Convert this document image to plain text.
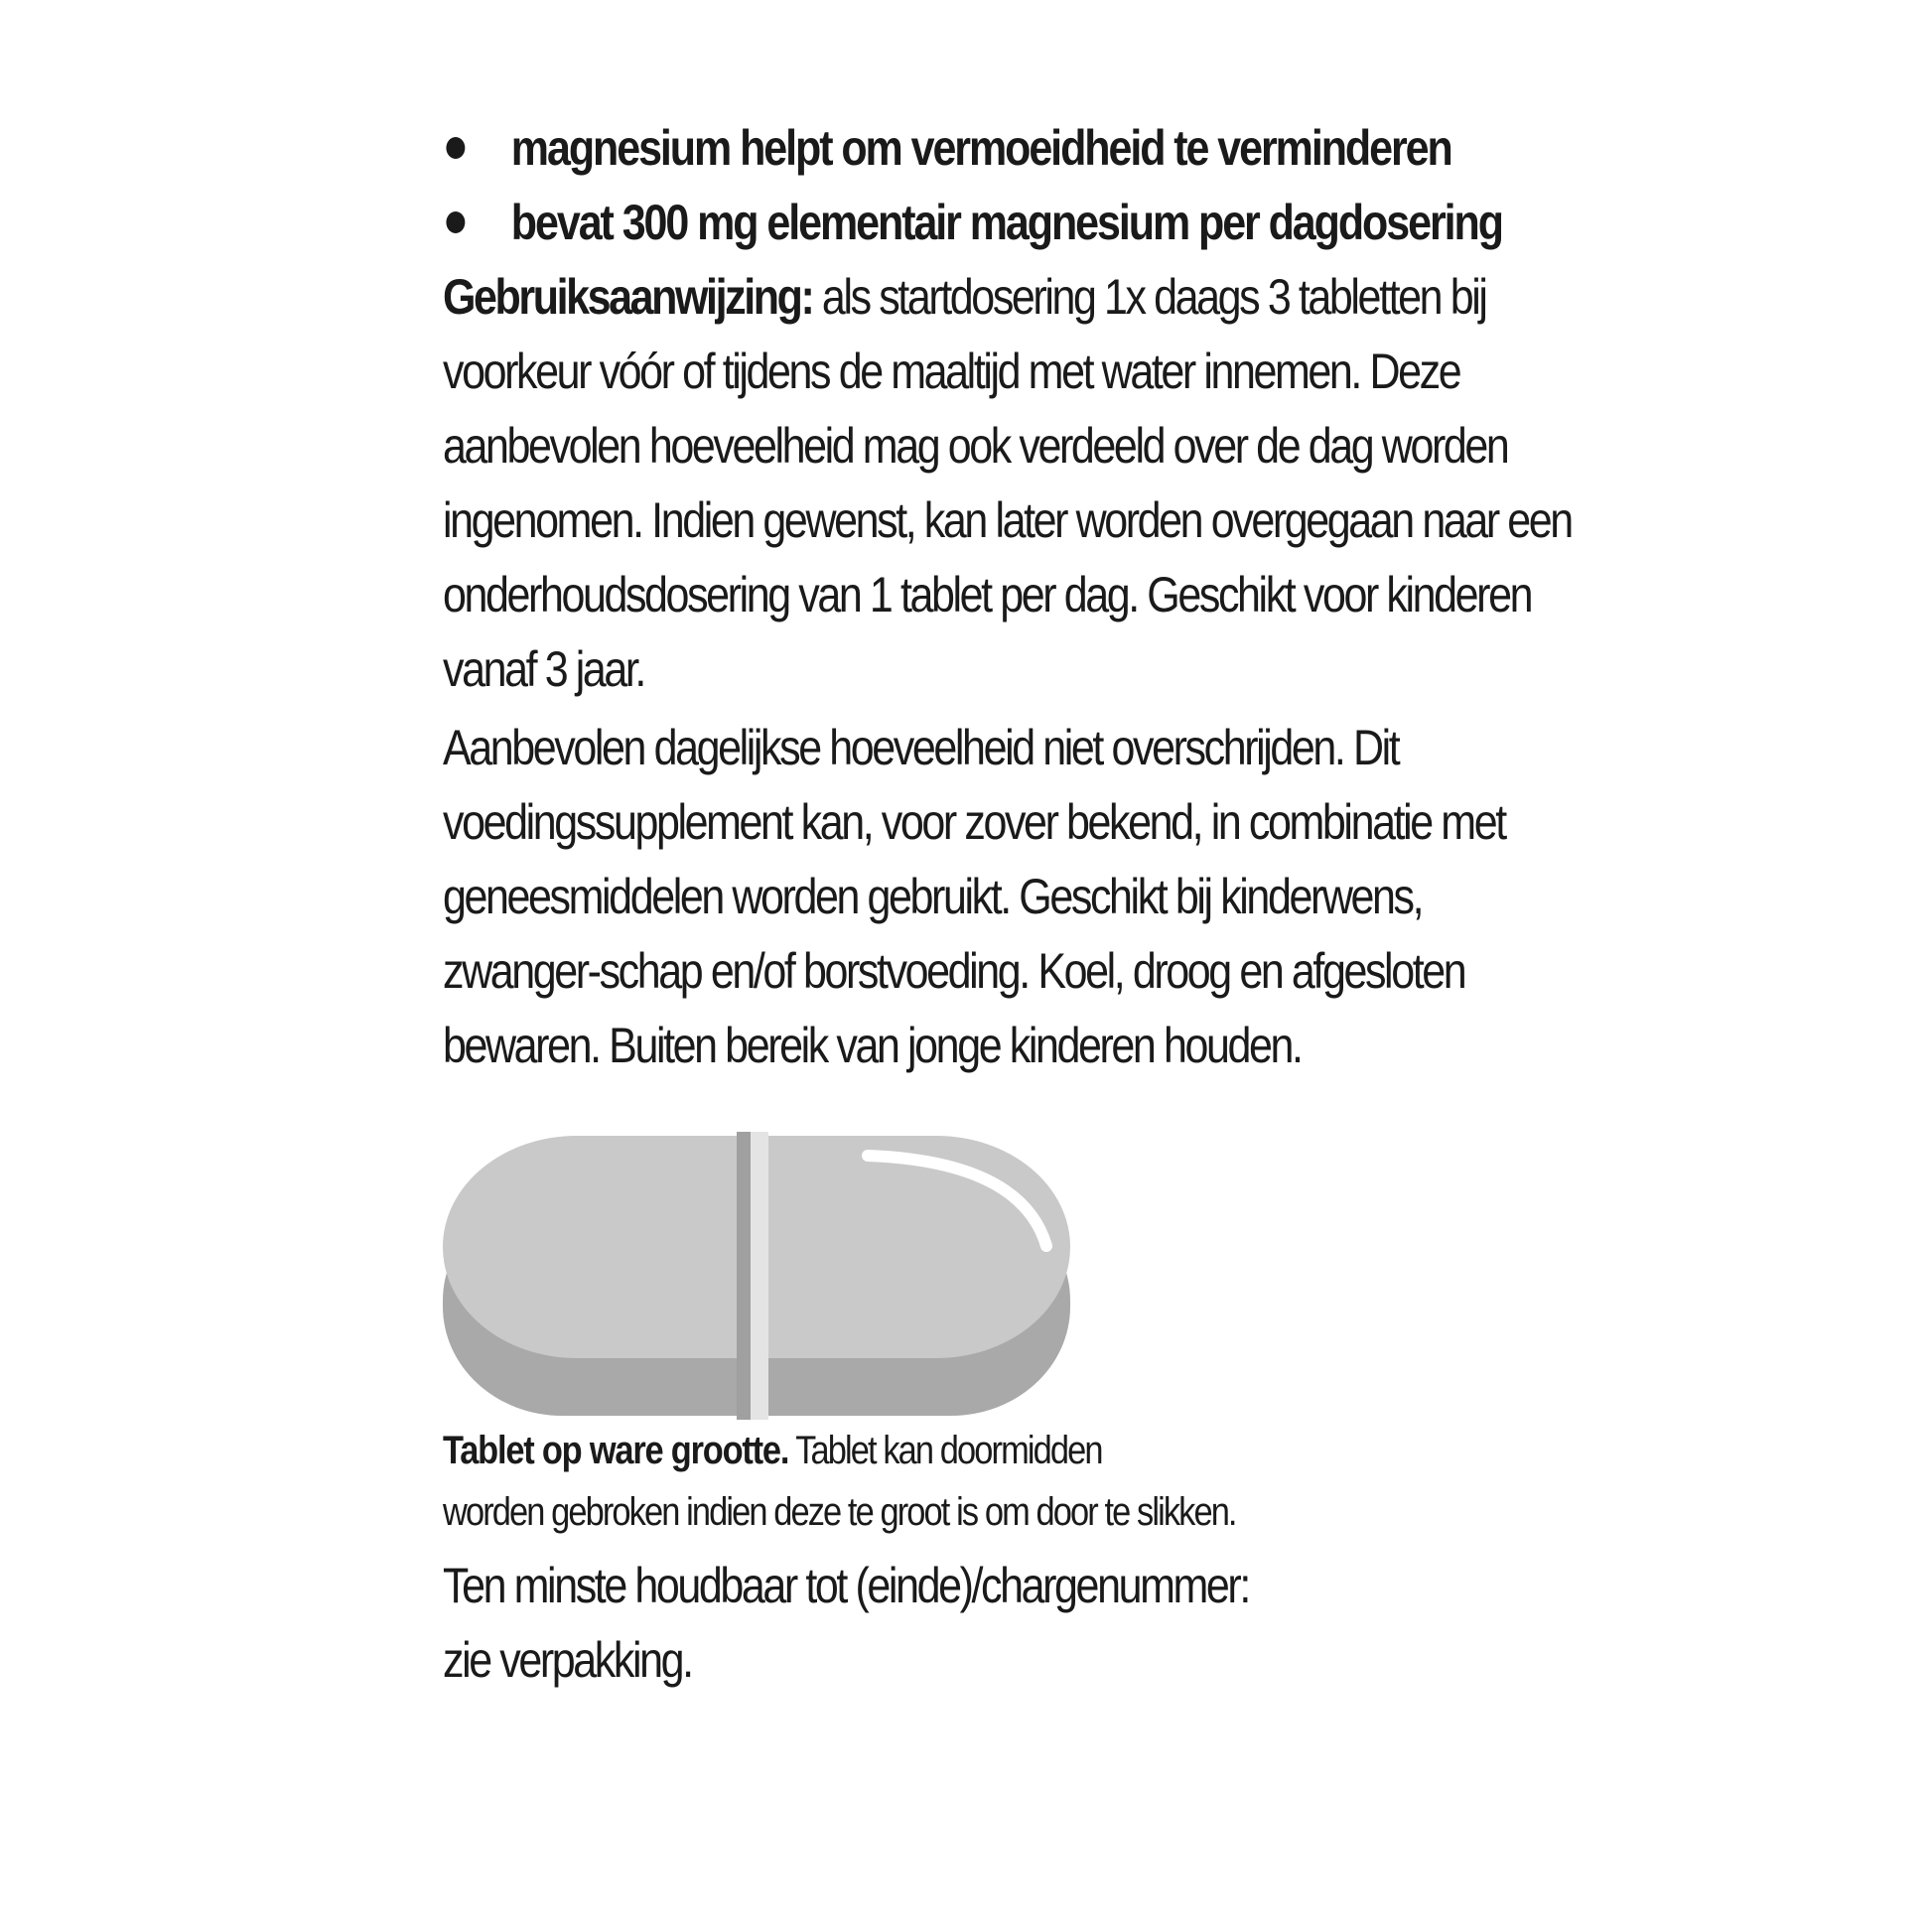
magnesium helpt om vermoeidheid te verminderen
bevat 300 mg elementair magnesium per dagdosering

Gebruiksaanwijzing: als startdosering 1x daags 3 tabletten bij voorkeur vóór of tijdens de maaltijd met water innemen. Deze aanbevolen hoeveelheid mag ook verdeeld over de dag worden ingenomen. Indien gewenst, kan later worden overgegaan naar een onderhoudsdosering van 1 tablet per dag. Geschikt voor kinderen vanaf 3 jaar.

Aanbevolen dagelijkse hoeveelheid niet overschrijden. Dit voedingssupplement kan, voor zover bekend, in combinatie met geneesmiddelen worden gebruikt. Geschikt bij kinderwens, zwanger-schap en/of borstvoeding. Koel, droog en afgesloten bewaren. Buiten bereik van jonge kinderen houden.

Tablet op ware grootte. Tablet kan doormidden

worden gebroken indien deze te groot is om door te slikken.

Ten minste houdbaar tot (einde)/chargenummer:

zie verpakking.
